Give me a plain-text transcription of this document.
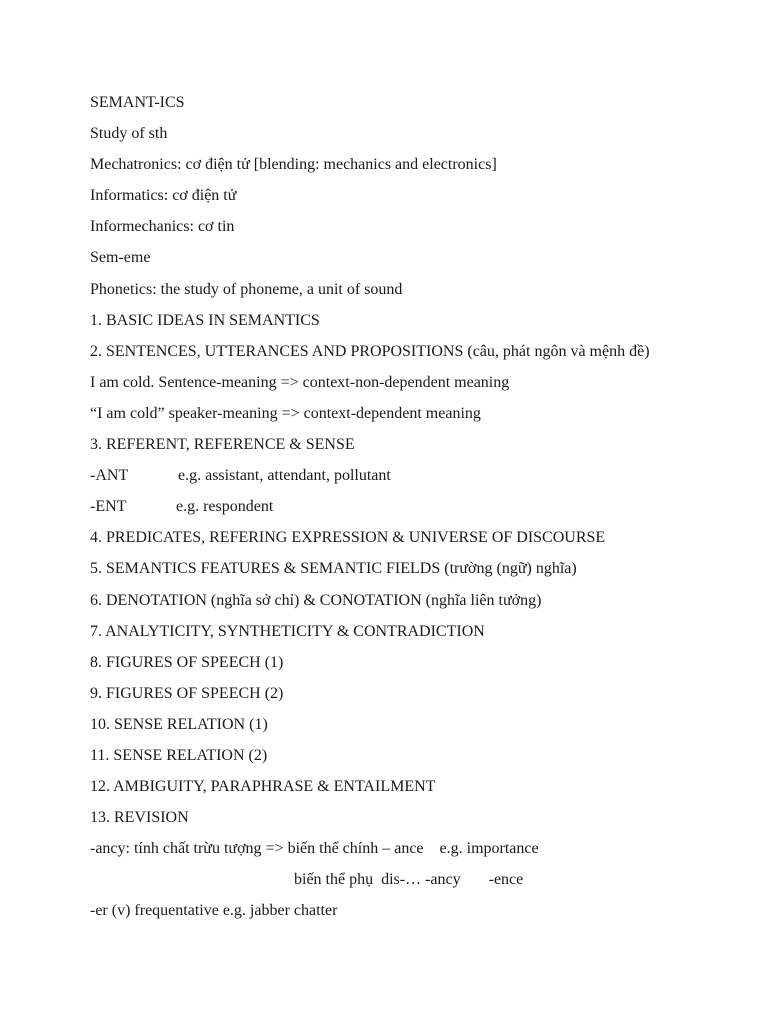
SEMANT-ICS
Study of sth
Mechatronics: cơ điện tử [blending: mechanics and electronics]
Informatics: cơ điện tử
Informechanics: cơ tin
Sem-eme
Phonetics: the study of phoneme, a unit of sound
1. BASIC IDEAS IN SEMANTICS
2. SENTENCES, UTTERANCES AND PROPOSITIONS (câu, phát ngôn và mệnh đề)
I am cold. Sentence-meaning => context-non-dependent meaning
“I am cold” speaker-meaning => context-dependent meaning
3. REFERENT, REFERENCE & SENSE
-ANT	e.g. assistant, attendant, pollutant
-ENT	e.g. respondent
4. PREDICATES, REFERING EXPRESSION & UNIVERSE OF DISCOURSE
5. SEMANTICS FEATURES & SEMANTIC FIELDS (trường (ngữ) nghĩa)
6. DENOTATION (nghĩa sở chỉ) & CONOTATION (nghĩa liên tưởng)
7. ANALYTICITY, SYNTHETICITY & CONTRADICTION
8. FIGURES OF SPEECH (1)
9. FIGURES OF SPEECH (2)
10. SENSE RELATION (1)
11. SENSE RELATION (2)
12. AMBIGUITY, PARAPHRASE & ENTAILMENT
13. REVISION
-ancy: tính chất trừu tượng => biến thể chính – ance e.g. importance
biến thể phụ dis-… -ancy -ence
-er (v) frequentative e.g. jabber chatter
